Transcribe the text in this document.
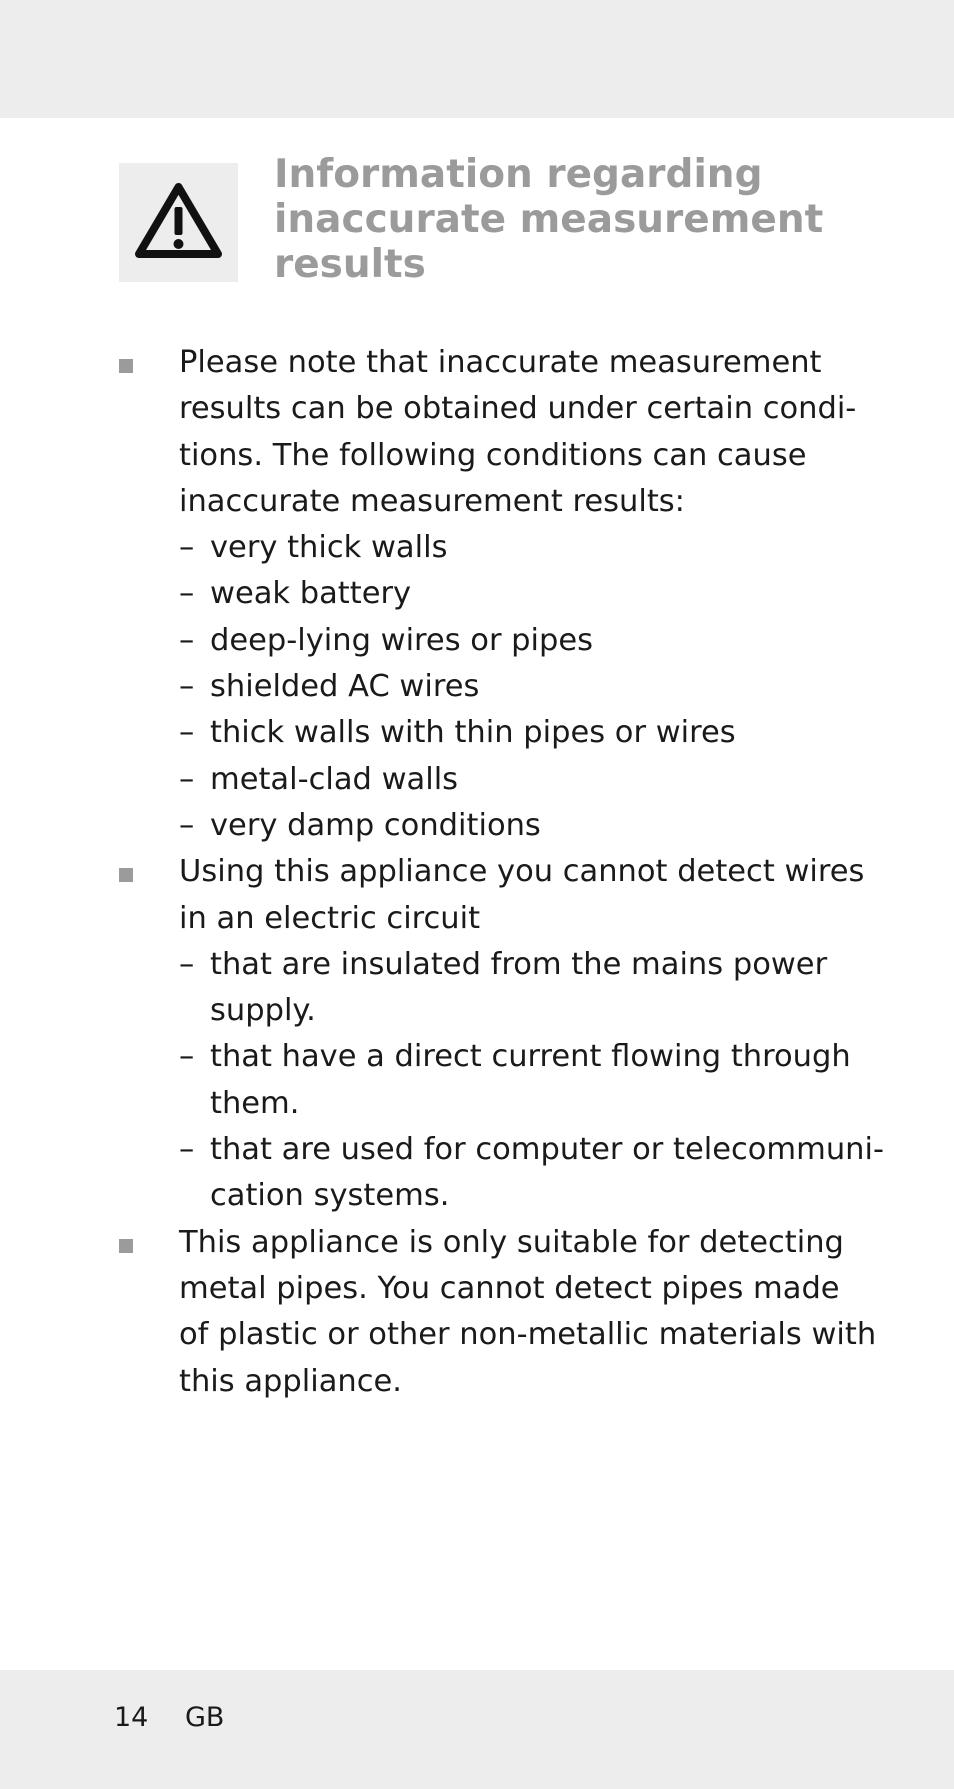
Information regarding
inaccurate measurement
results
Please note that inaccurate measurement
results can be obtained under certain condi-
tions. The following conditions can cause
inaccurate measurement results:
– very thick walls
– weak battery
– deep-lying wires or pipes
– shielded AC wires
– thick walls with thin pipes or wires
– metal-clad walls
– very damp conditions
Using this appliance you cannot detect wires
in an electric circuit
– that are insulated from the mains power
supply.
– that have a direct current flowing through
them.
– that are used for computer or telecommuni-
cation systems.
This appliance is only suitable for detecting
metal pipes. You cannot detect pipes made
of plastic or other non-metallic materials with
this appliance.
14 GB
